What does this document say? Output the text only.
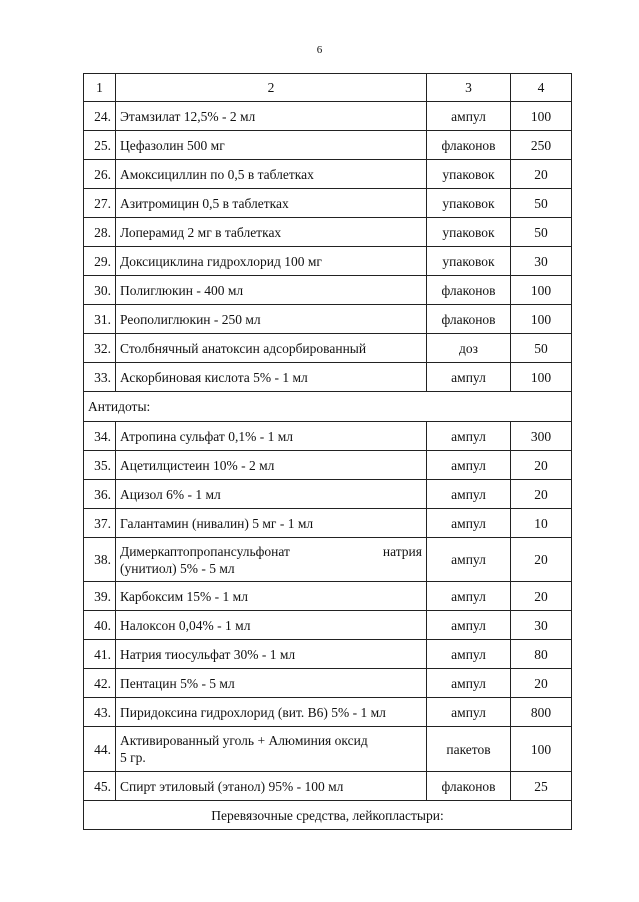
6
1	2	3	4
24.	Этамзилат 12,5% - 2 мл	ампул	100
25.	Цефазолин 500 мг	флаконов	250
26.	Амоксициллин по 0,5 в таблетках	упаковок	20
27.	Азитромицин 0,5 в таблетках	упаковок	50
28.	Лоперамид 2 мг в таблетках	упаковок	50
29.	Доксициклина гидрохлорид 100 мг	упаковок	30
30.	Полиглюкин - 400 мл	флаконов	100
31.	Реополиглюкин - 250 мл	флаконов	100
32.	Столбнячный анатоксин адсорбированный	доз	50
33.	Аскорбиновая кислота 5% - 1 мл	ампул	100
Антидоты:			
34.	Атропина сульфат 0,1% - 1 мл	ампул	300
35.	Ацетилцистеин 10% - 2 мл	ампул	20
36.	Ацизол 6% - 1 мл	ампул	20
37.	Галантамин (нивалин) 5 мг - 1 мл	ампул	10
38.	Димеркаптопропансульфонат натрия
(унитиол) 5% - 5 мл	ампул	20
39.	Карбоксим 15% - 1 мл	ампул	20
40.	Налоксон 0,04% - 1 мл	ампул	30
41.	Натрия тиосульфат 30% - 1 мл	ампул	80
42.	Пентацин 5% - 5 мл	ампул	20
43.	Пиридоксина гидрохлорид (вит. В6) 5% - 1 мл	ампул	800
44.	Активированный уголь + Алюминия оксид
5 гр.	пакетов	100
45.	Спирт этиловый (этанол) 95% - 100 мл	флаконов	25
Перевязочные средства, лейкопластыри:			
